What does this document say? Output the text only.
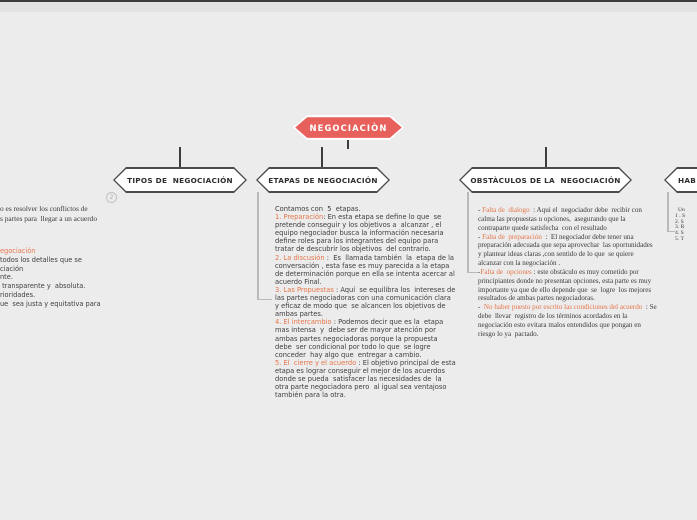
NEGOCIACIÒN
TIPOS DE  NEGOCIACIÓN
2
ETAPAS DE NEGOCIACIÓN	OBSTÀCULOS DE LA  NEGOCIACIÓN	HAB
o es resolver los conflictos de
s partes para  llegar a un acuerdo
egociación
todos los detalles que se
ciación
nte.
transparente y  absoluta.
rioridades.
ue  sea justa y equitativa para
Contamos con  5  etapas.
1. Preparación: En esta etapa se define lo que  se pretende conseguir y los objetivos a  alcanzar , el equipo negociador busca la información necesaria define roles para los integrantes del equipo para tratar de descubrir los objetivos  del contrario.
2. La discusión :  Es  llamada también  la  etapa de la conversación , esta fase es muy parecida a la etapa de determinación porque en ella se intenta acercar al acuerdo Final.
3. Las Propuestas : Aquí  se equilibra los  intereses de las partes negociadoras con una comunicación clara y eficaz de modo que  se alcancen los objetivos de ambas partes.
4. El intercambio : Podemos decir que es la  etapa mas intensa  y  debe ser de mayor atención por ambas partes negociadoras porque la propuesta debe  ser condicional por todo lo que  se logre conceder  hay algo que  entregar a cambio.
5. El  cierre y el acuerdo : El objetivo principal de esta etapa es lograr conseguir el mejor de los acuerdos donde se pueda  satisfacer las necesidades de  la otra parte negociadora pero  al igual sea ventajoso también para la otra.
- Falta de  dialogo  : Aqui el  negociador debe  recibir con calma las propuestas u opciones,  asegurando que la contraparte quede satisfecha  con el resultado
- Falta de  preparación  :  El negociador debe tener una preparación adecuada que sepa aprovechar  las oportunidades  y plantear ideas claras ,con sentido de lo que  se quiere  alcanzar con la negociación .
-Falta de  opciones : este obstáculo es muy cometido por principiantes donde no presentan opciones, esta parte es muy importante ya que de ello depende que  se  logre  los mejores  resultados de ambas partes negociadoras.
-  No haber puesto por escrito las condiciones del acuerdo  : Se debe  llevar  registro de los términos acordados en la negociación esto evitara malos entendidos que pongan en riesgo lo ya  pactado.
Un
1 . S
2. S
3. R
4. S
5. T
